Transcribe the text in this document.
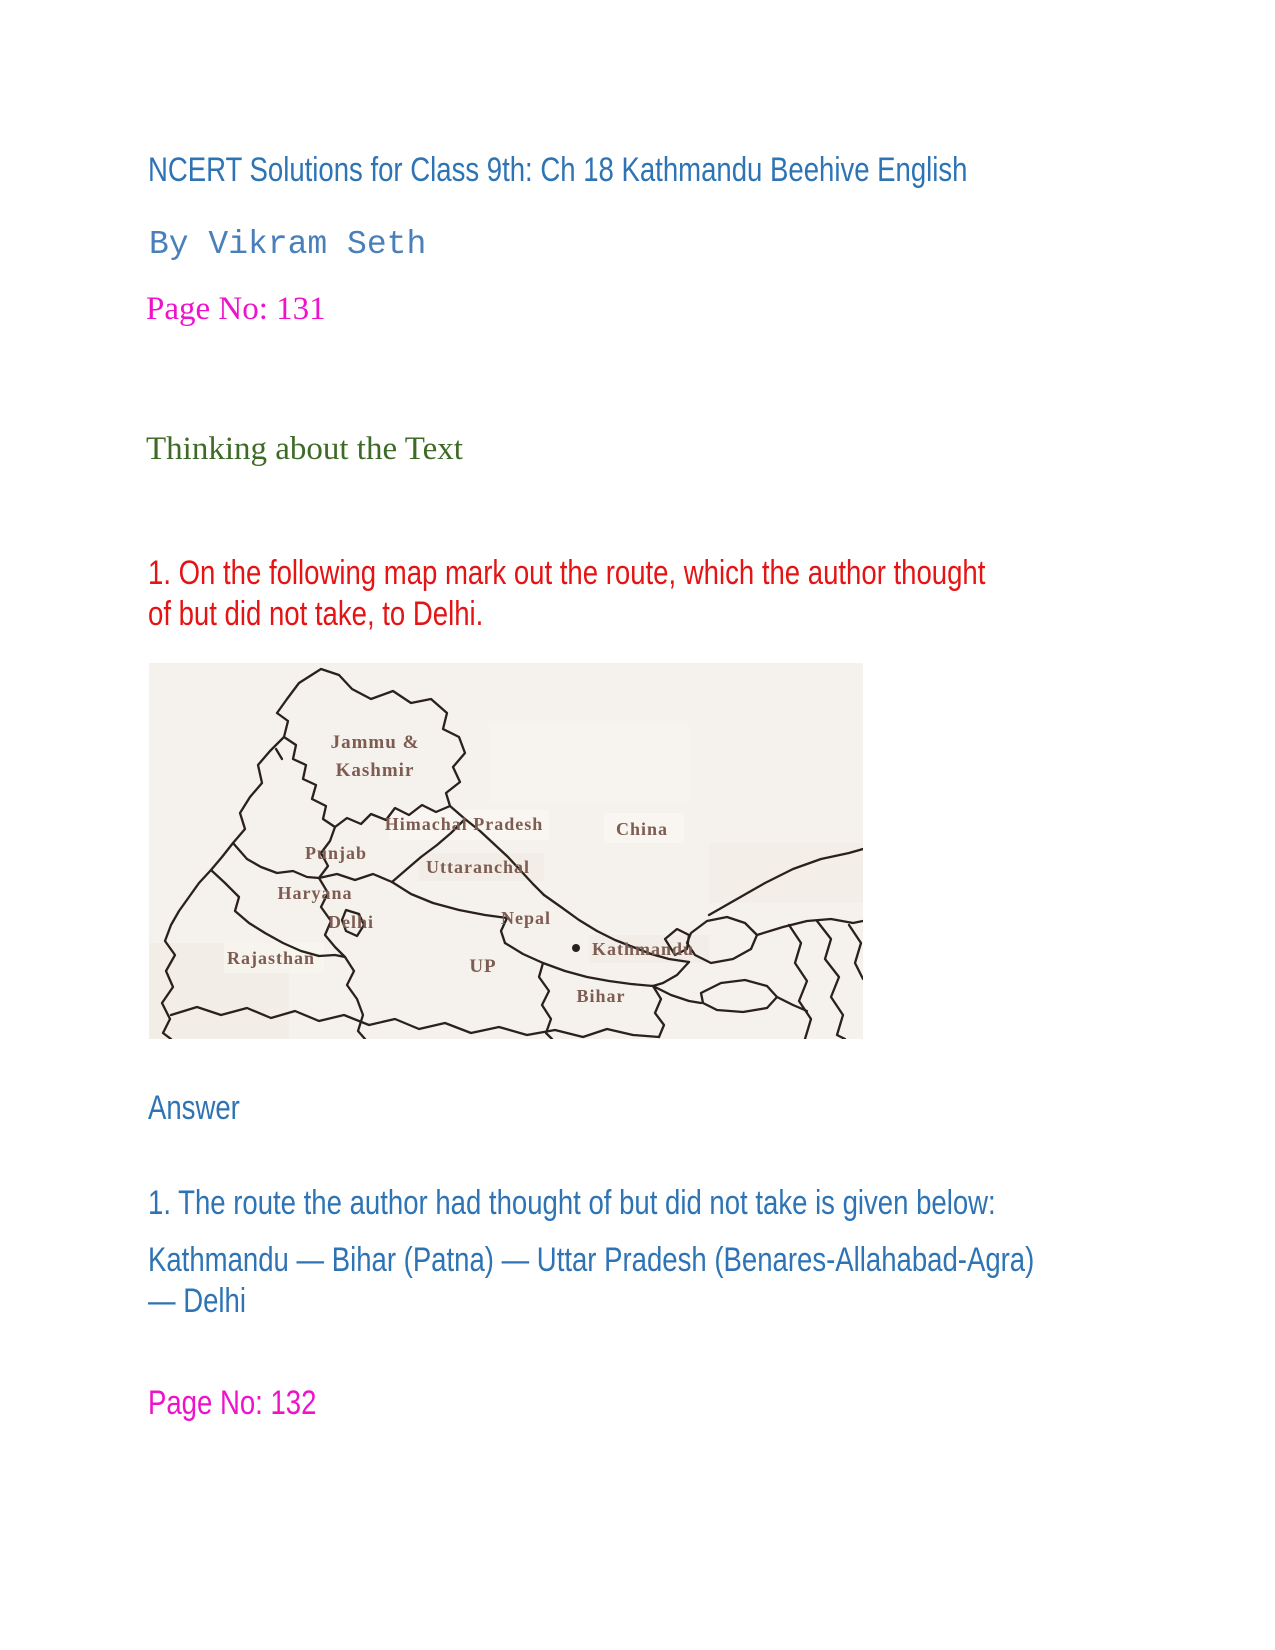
NCERT Solutions for Class 9th: Ch 18 Kathmandu Beehive English
By Vikram Seth
Page No: 131
Thinking about the Text
1. On the following map mark out the route, which the author thought
of but did not take, to Delhi.
Jammu &
Kashmir
Himachal Pradesh	China
Punjab
Uttaranchal
Haryana
Delhi	Nepal
Kathmandu
Rajasthan	UP
Bihar
Answer
1. The route the author had thought of but did not take is given below:
Kathmandu — Bihar (Patna) — Uttar Pradesh (Benares-Allahabad-Agra)
— Delhi
Page No: 132
